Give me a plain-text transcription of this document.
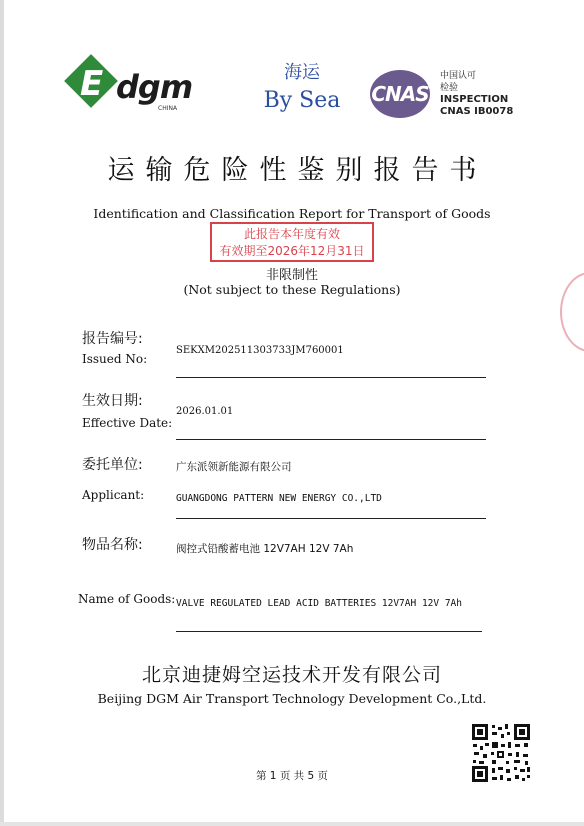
E dgm
CHINA
海运
By Sea CNAS
中国认可
检验
INSPECTION
CNAS IB0078
运输危险性鉴别报告书
Identification and Classification Report for Transport of Goods
此报告本年度有效
有效期至2026年12月31日
非限制性
(Not subject to these Regulations)
报告编号:
Issued No:
SEKXM202511303733JM760001
生效日期:
Effective Date:
2026.01.01
委托单位:
Applicant:
广东派领新能源有限公司
GUANGDONG PATTERN NEW ENERGY CO.,LTD
物品名称:	阀控式铅酸蓄电池 12V7AH 12V 7Ah
Name of Goods: VALVE REGULATED LEAD ACID BATTERIES 12V7AH 12V 7Ah
北京迪捷姆空运技术开发有限公司
Beijing DGM Air Transport Technology Development Co.,Ltd.
第 1 页 共 5 页
